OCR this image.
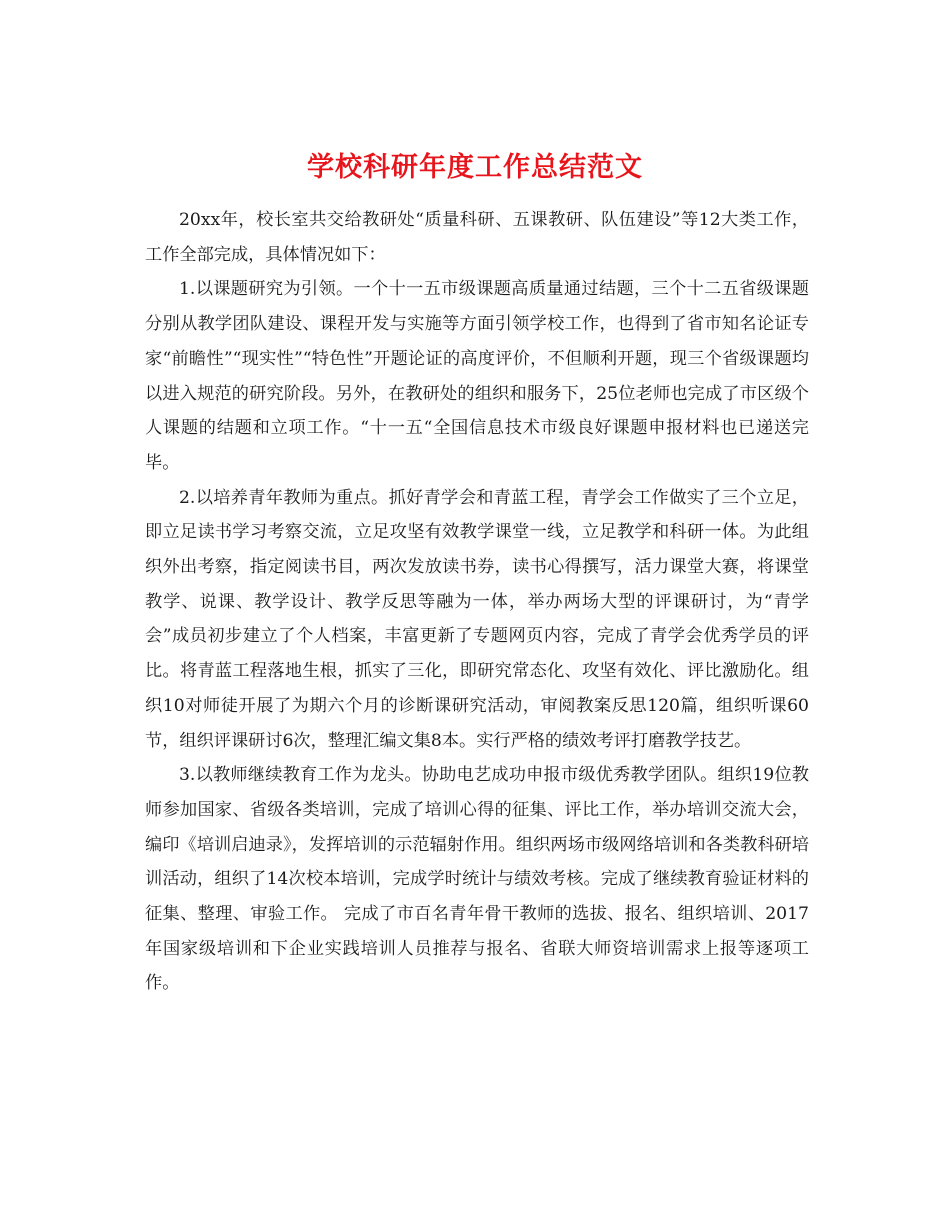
学校科研年度工作总结范文

20xx年，校长室共交给教研处“质量科研、五课教研、队伍建设”等12大类工作，工作全部完成，具体情况如下：

1.以课题研究为引领。一个十一五市级课题高质量通过结题，三个十二五省级课题分别从教学团队建设、课程开发与实施等方面引领学校工作，也得到了省市知名论证专家“前瞻性”“现实性”“特色性”开题论证的高度评价，不但顺利开题，现三个省级课题均以进入规范的研究阶段。另外，在教研处的组织和服务下，25位老师也完成了市区级个人课题的结题和立项工作。“十一五“全国信息技术市级良好课题申报材料也已递送完毕。

2.以培养青年教师为重点。抓好青学会和青蓝工程，青学会工作做实了三个立足，即立足读书学习考察交流，立足攻坚有效教学课堂一线，立足教学和科研一体。为此组织外出考察，指定阅读书目，两次发放读书券，读书心得撰写，活力课堂大赛，将课堂教学、说课、教学设计、教学反思等融为一体，举办两场大型的评课研讨，为“青学会”成员初步建立了个人档案，丰富更新了专题网页内容，完成了青学会优秀学员的评比。将青蓝工程落地生根，抓实了三化，即研究常态化、攻坚有效化、评比激励化。组织10对师徒开展了为期六个月的诊断课研究活动，审阅教案反思120篇，组织听课60节，组织评课研讨6次，整理汇编文集8本。实行严格的绩效考评打磨教学技艺。

3.以教师继续教育工作为龙头。协助电艺成功申报市级优秀教学团队。组织19位教师参加国家、省级各类培训，完成了培训心得的征集、评比工作，举办培训交流大会，编印《培训启迪录》，发挥培训的示范辐射作用。组织两场市级网络培训和各类教科研培训活动，组织了14次校本培训，完成学时统计与绩效考核。完成了继续教育验证材料的征集、整理、审验工作。 完成了市百名青年骨干教师的选拔、报名、组织培训、2017年国家级培训和下企业实践培训人员推荐与报名、省联大师资培训需求上报等逐项工作。
